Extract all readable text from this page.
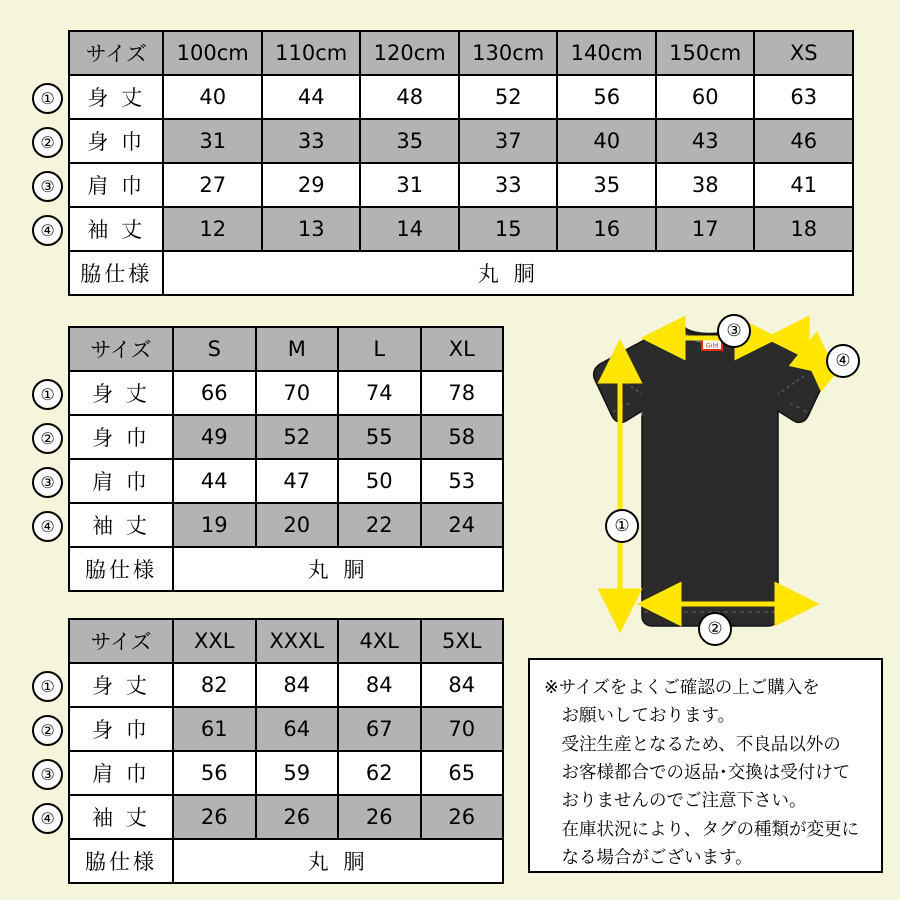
①
②
③
④
サイズ	100cm	110cm	120cm	130cm	140cm	150cm	XS
身 丈	40	44	48	52	56	60	63
身 巾	31	33	35	37	40	43	46
肩 巾	27	29	31	33	35	38	41
袖 丈	12	13	14	15	16	17	18
脇仕様	丸 胴						
①
②
③
④
サイズ	S	M	L	XL
身 丈	66	70	74	78
身 巾	49	52	55	58
肩 巾	44	47	50	53
袖 丈	19	20	22	24
脇仕様	丸 胴			
①
②
③
④
サイズ	XXL	XXXL	4XL	5XL
身 丈	82	84	84	84
身 巾	61	64	67	70
肩 巾	56	59	62	65
袖 丈	26	26	26	26
脇仕様	丸 胴			
Gild
③
④
①
②

※サイズをよくご確認の上ご購入を

お願いしております。

受注生産となるため、不良品以外の

お客様都合での返品･交換は受付けて

おりませんのでご注意下さい。

在庫状況により、タグの種類が変更に

なる場合がございます。
